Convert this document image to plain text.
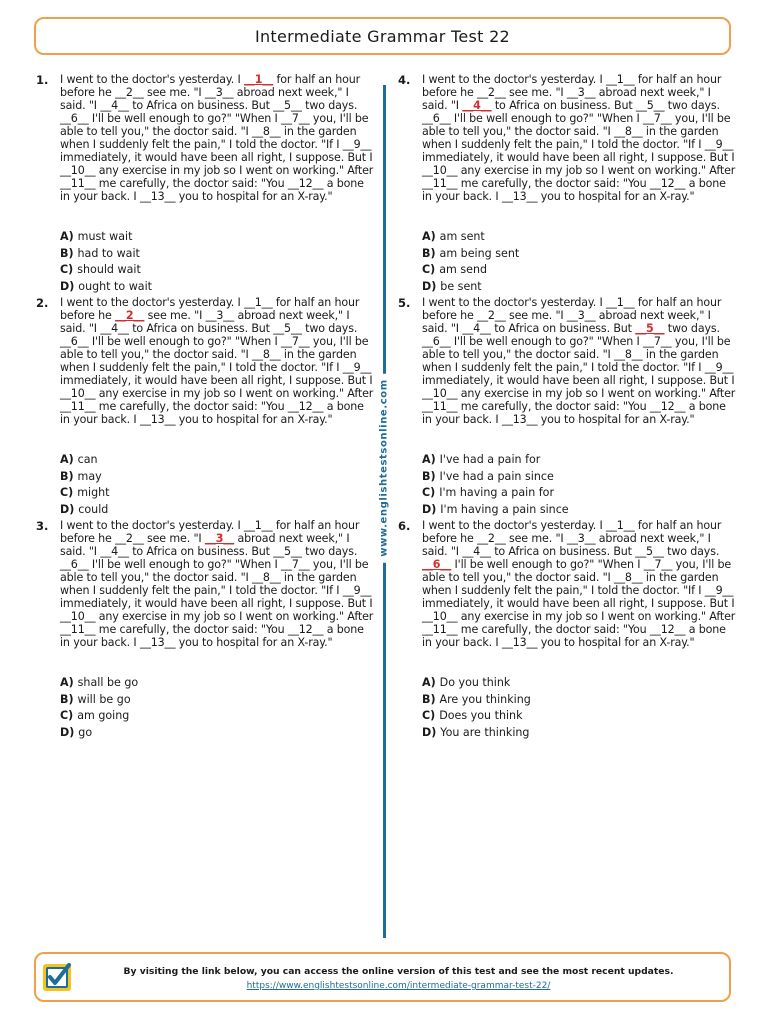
Intermediate Grammar Test 22
1.	I went to the doctor's yesterday. I __1__ for half an hour before he __2__ see me. "I __3__ abroad next week," I said. "I __4__ to Africa on business. But __5__ two days. __6__ I'll be well enough to go?" "When I __7__ you, I'll be able to tell you," the doctor said. "I __8__ in the garden when I suddenly felt the pain," I told the doctor. "If I __9__ immediately, it would have been all right, I suppose. But I __10__ any exercise in my job so I went on working." After __11__ me carefully, the doctor said: "You __12__ a bone in your back. I __13__ you to hospital for an X-ray."
A) must wait
B) had to wait
C) should wait
D) ought to wait
2.	I went to the doctor's yesterday. I __1__ for half an hour before he __2__ see me. "I __3__ abroad next week," I said. "I __4__ to Africa on business. But __5__ two days. __6__ I'll be well enough to go?" "When I __7__ you, I'll be able to tell you," the doctor said. "I __8__ in the garden when I suddenly felt the pain," I told the doctor. "If I __9__ immediately, it would have been all right, I suppose. But I __10__ any exercise in my job so I went on working." After __11__ me carefully, the doctor said: "You __12__ a bone in your back. I __13__ you to hospital for an X-ray."
A) can
B) may
C) might
D) could
3.	I went to the doctor's yesterday. I __1__ for half an hour before he __2__ see me. "I __3__ abroad next week," I said. "I __4__ to Africa on business. But __5__ two days. __6__ I'll be well enough to go?" "When I __7__ you, I'll be able to tell you," the doctor said. "I __8__ in the garden when I suddenly felt the pain," I told the doctor. "If I __9__ immediately, it would have been all right, I suppose. But I __10__ any exercise in my job so I went on working." After __11__ me carefully, the doctor said: "You __12__ a bone in your back. I __13__ you to hospital for an X-ray."
A) shall be go
B) will be go
C) am going
D) go
www.englishtestsonline.com
4.	I went to the doctor's yesterday. I __1__ for half an hour before he __2__ see me. "I __3__ abroad next week," I said. "I __4__ to Africa on business. But __5__ two days. __6__ I'll be well enough to go?" "When I __7__ you, I'll be able to tell you," the doctor said. "I __8__ in the garden when I suddenly felt the pain," I told the doctor. "If I __9__ immediately, it would have been all right, I suppose. But I __10__ any exercise in my job so I went on working." After __11__ me carefully, the doctor said: "You __12__ a bone in your back. I __13__ you to hospital for an X-ray."
A) am sent
B) am being sent
C) am send
D) be sent
5.	I went to the doctor's yesterday. I __1__ for half an hour before he __2__ see me. "I __3__ abroad next week," I said. "I __4__ to Africa on business. But __5__ two days. __6__ I'll be well enough to go?" "When I __7__ you, I'll be able to tell you," the doctor said. "I __8__ in the garden when I suddenly felt the pain," I told the doctor. "If I __9__ immediately, it would have been all right, I suppose. But I __10__ any exercise in my job so I went on working." After __11__ me carefully, the doctor said: "You __12__ a bone in your back. I __13__ you to hospital for an X-ray."
A) I've had a pain for
B) I've had a pain since
C) I'm having a pain for
D) I'm having a pain since
6.	I went to the doctor's yesterday. I __1__ for half an hour before he __2__ see me. "I __3__ abroad next week," I said. "I __4__ to Africa on business. But __5__ two days. __6__ I'll be well enough to go?" "When I __7__ you, I'll be able to tell you," the doctor said. "I __8__ in the garden when I suddenly felt the pain," I told the doctor. "If I __9__ immediately, it would have been all right, I suppose. But I __10__ any exercise in my job so I went on working." After __11__ me carefully, the doctor said: "You __12__ a bone in your back. I __13__ you to hospital for an X-ray."
A) Do you think
B) Are you thinking
C) Does you think
D) You are thinking
By visiting the link below, you can access the online version of this test and see the most recent updates.
https://www.englishtestsonline.com/intermediate-grammar-test-22/
